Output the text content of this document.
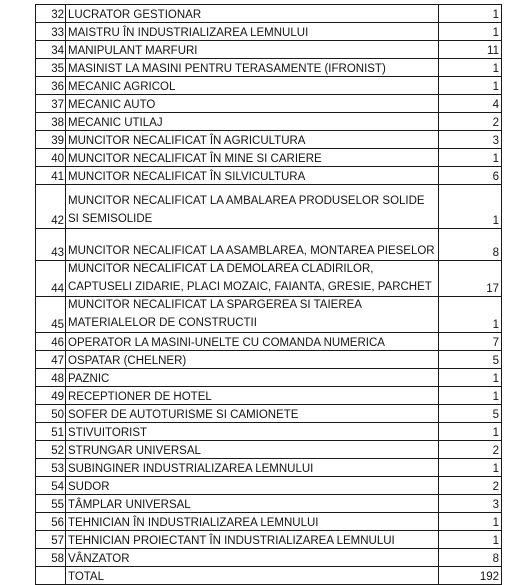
32	LUCRATOR GESTIONAR	1
33	MAISTRU ÎN INDUSTRIALIZAREA LEMNULUI	1
34	MANIPULANT MARFURI	11
35	MASINIST LA MASINI PENTRU TERASAMENTE (IFRONIST)	1
36	MECANIC AGRICOL	1
37	MECANIC AUTO	4
38	MECANIC UTILAJ	2
39	MUNCITOR NECALIFICAT ÎN AGRICULTURA	3
40	MUNCITOR NECALIFICAT ÎN MINE SI CARIERE	1
41	MUNCITOR NECALIFICAT ÎN SILVICULTURA	6
42	MUNCITOR NECALIFICAT LA AMBALAREA PRODUSELOR SOLIDE SI SEMISOLIDE	1
43	MUNCITOR NECALIFICAT LA ASAMBLAREA, MONTAREA PIESELOR	8
44	MUNCITOR NECALIFICAT LA DEMOLAREA CLADIRILOR, CAPTUSELI ZIDARIE, PLACI MOZAIC, FAIANTA, GRESIE, PARCHET	17
45	MUNCITOR NECALIFICAT LA SPARGEREA SI TAIEREA MATERIALELOR DE CONSTRUCTII	1
46	OPERATOR LA MASINI-UNELTE CU COMANDA NUMERICA	7
47	OSPATAR (CHELNER)	5
48	PAZNIC	1
49	RECEPTIONER DE HOTEL	1
50	SOFER DE AUTOTURISME SI CAMIONETE	5
51	STIVUITORIST	1
52	STRUNGAR UNIVERSAL	2
53	SUBINGINER INDUSTRIALIZAREA LEMNULUI	1
54	SUDOR	2
55	TÂMPLAR UNIVERSAL	3
56	TEHNICIAN ÎN INDUSTRIALIZAREA LEMNULUI	1
57	TEHNICIAN PROIECTANT ÎN INDUSTRIALIZAREA LEMNULUI	1
58	VÂNZATOR	8
	TOTAL	192
